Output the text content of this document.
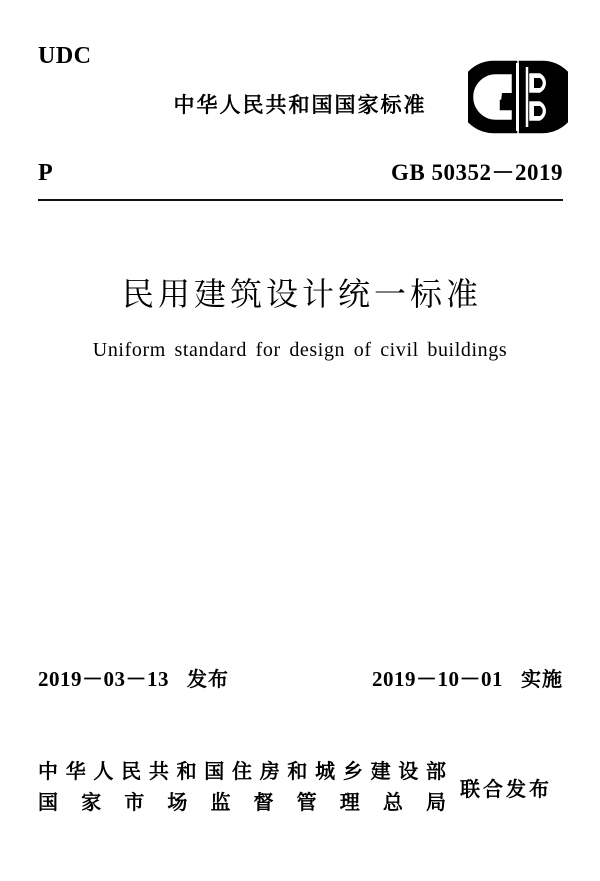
UDC
中华人民共和国国家标准
P	GB 50352－2019
民用建筑设计统一标准
Uniform standard for design of civil buildings
2019－03－13 发布	2019－10－01 实施
中华人民共和国住房和城乡建设部
国家市场监督管理总局
联合发布
